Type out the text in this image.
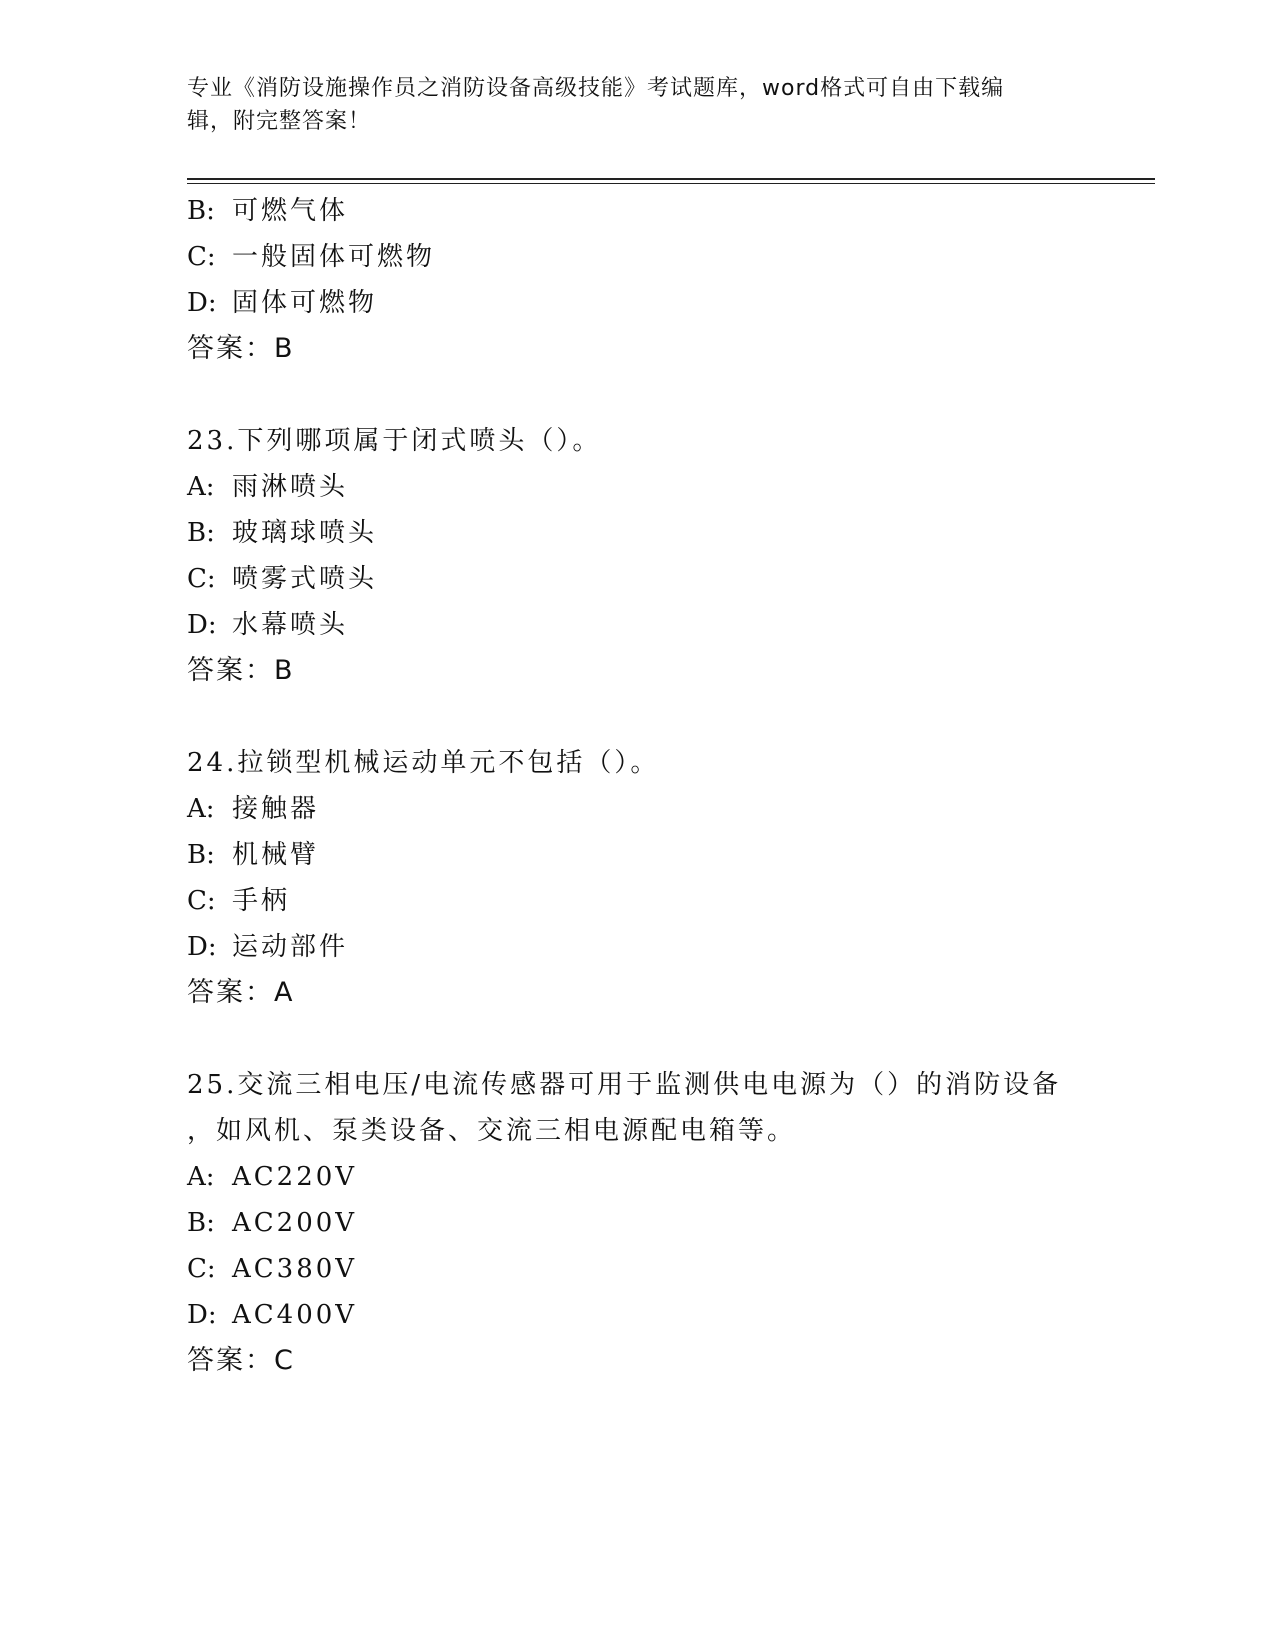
专业《消防设施操作员之消防设备高级技能》考试题库，word格式可自由下载编
辑，附完整答案！
B: 可燃气体
C: 一般固体可燃物
D: 固体可燃物
答案：B
23.下列哪项属于闭式喷头（）。
A: 雨淋喷头
B: 玻璃球喷头
C: 喷雾式喷头
D: 水幕喷头
答案：B
24.拉锁型机械运动单元不包括（）。
A: 接触器
B: 机械臂
C: 手柄
D: 运动部件
答案：A
25.交流三相电压/电流传感器可用于监测供电电源为（）的消防设备
，如风机、泵类设备、交流三相电源配电箱等。
A: AC220V
B: AC200V
C: AC380V
D: AC400V
答案：C
